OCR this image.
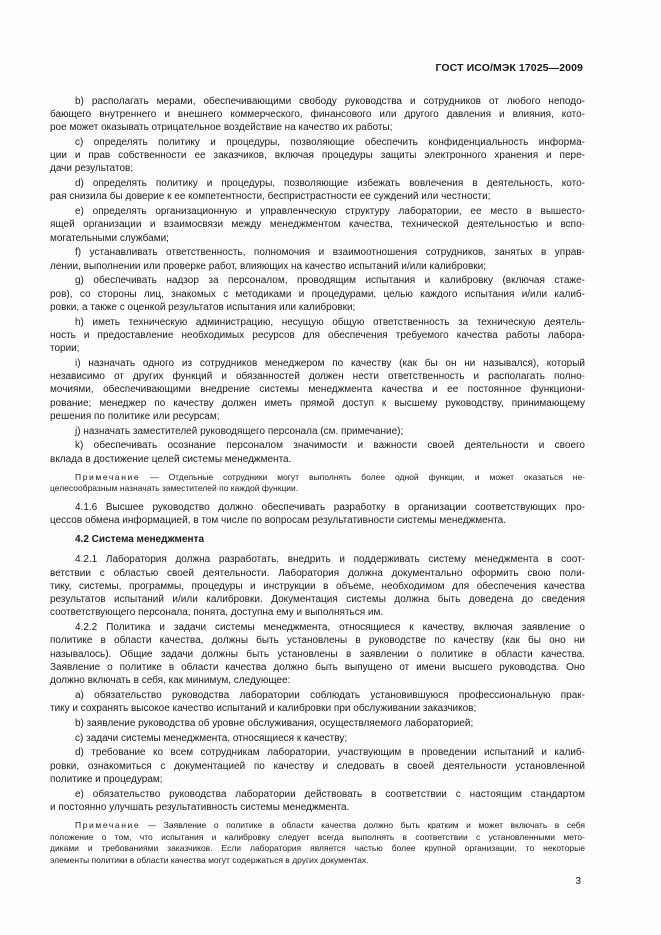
ГОСТ ИСО/МЭК 17025—2009
b) располагать мерами, обеспечивающими свободу руководства и сотрудников от любого неподо-
бающего внутреннего и внешнего коммерческого, финансового или другого давления и влияния, кото-
рое может оказывать отрицательное воздействие на качество их работы;
c) определять политику и процедуры, позволяющие обеспечить конфиденциальность информа-
ции и прав собственности ее заказчиков, включая процедуры защиты электронного хранения и пере-
дачи результатов;
d) определять политику и процедуры, позволяющие избежать вовлечения в деятельность, кото-
рая снизила бы доверие к ее компетентности, беспристрастности ее суждений или честности;
e) определять организационную и управленческую структуру лаборатории, ее место в вышесто-
ящей организации и взаимосвязи между менеджментом качества, технической деятельностью и вспо-
могательными службами;
f) устанавливать ответственность, полномочия и взаимоотношения сотрудников, занятых в управ-
лении, выполнении или проверке работ, влияющих на качество испытаний и/или калибровки;
g) обеспечивать надзор за персоналом, проводящим испытания и калибровку (включая стаже-
ров), со стороны лиц, знакомых с методиками и процедурами, целью каждого испытания и/или калиб-
ровки, а также с оценкой результатов испытания или калибровки;
h) иметь техническую администрацию, несущую общую ответственность за техническую деятель-
ность и предоставление необходимых ресурсов для обеспечения требуемого качества работы лабора-
тории;
i) назначать одного из сотрудников менеджером по качеству (как бы он ни назывался), который
независимо от других функций и обязанностей должен нести ответственность и располагать полно-
мочиями, обеспечивающими внедрение системы менеджмента качества и ее постоянное функциони-
рование; менеджер по качеству должен иметь прямой доступ к высшему руководству, принимающему
решения по политике или ресурсам;
j) назначать заместителей руководящего персонала (см. примечание);
k) обеспечивать осознание персоналом значимости и важности своей деятельности и своего
вклада в достижение целей системы менеджмента.
Примечание — Отдельные сотрудники могут выполнять более одной функции, и может оказаться не-
целесообразным назначать заместителей по каждой функции.
4.1.6 Высшее руководство должно обеспечивать разработку в организации соответствующих про-
цессов обмена информацией, в том числе по вопросам результативности системы менеджмента.
4.2 Система менеджмента
4.2.1 Лаборатория должна разработать, внедрить и поддерживать систему менеджмента в соот-
ветствии с областью своей деятельности. Лаборатория должна документально оформить свою поли-
тику, системы, программы, процедуры и инструкции в объеме, необходимом для обеспечения качества
результатов испытаний и/или калибровки. Документация системы должна быть доведена до сведения
соответствующего персонала, понята, доступна ему и выполняться им.
4.2.2 Политика и задачи системы менеджмента, относящиеся к качеству, включая заявление о
политике в области качества, должны быть установлены в руководстве по качеству (как бы оно ни
называлось). Общие задачи должны быть установлены в заявлении о политике в области качества.
Заявление о политике в области качества должно быть выпущено от имени высшего руководства. Оно
должно включать в себя, как минимум, следующее:
a) обязательство руководства лаборатории соблюдать установившуюся профессиональную прак-
тику и сохранять высокое качество испытаний и калибровки при обслуживании заказчиков;
b) заявление руководства об уровне обслуживания, осуществляемого лабораторией;
c) задачи системы менеджмента, относящиеся к качеству;
d) требование ко всем сотрудникам лаборатории, участвующим в проведении испытаний и калиб-
ровки, ознакомиться с документацией по качеству и следовать в своей деятельности установленной
политике и процедурам;
e) обязательство руководства лаборатории действовать в соответствии с настоящим стандартом
и постоянно улучшать результативность системы менеджмента.
Примечание — Заявление о политике в области качества должно быть кратким и может включать в себя
положение о том, что испытания и калибровку следует всегда выполнять в соответствии с установленными мето-
диками и требованиями заказчиков. Если лаборатория является частью более крупной организации, то некоторые
элементы политики в области качества могут содержаться в других документах.
3
